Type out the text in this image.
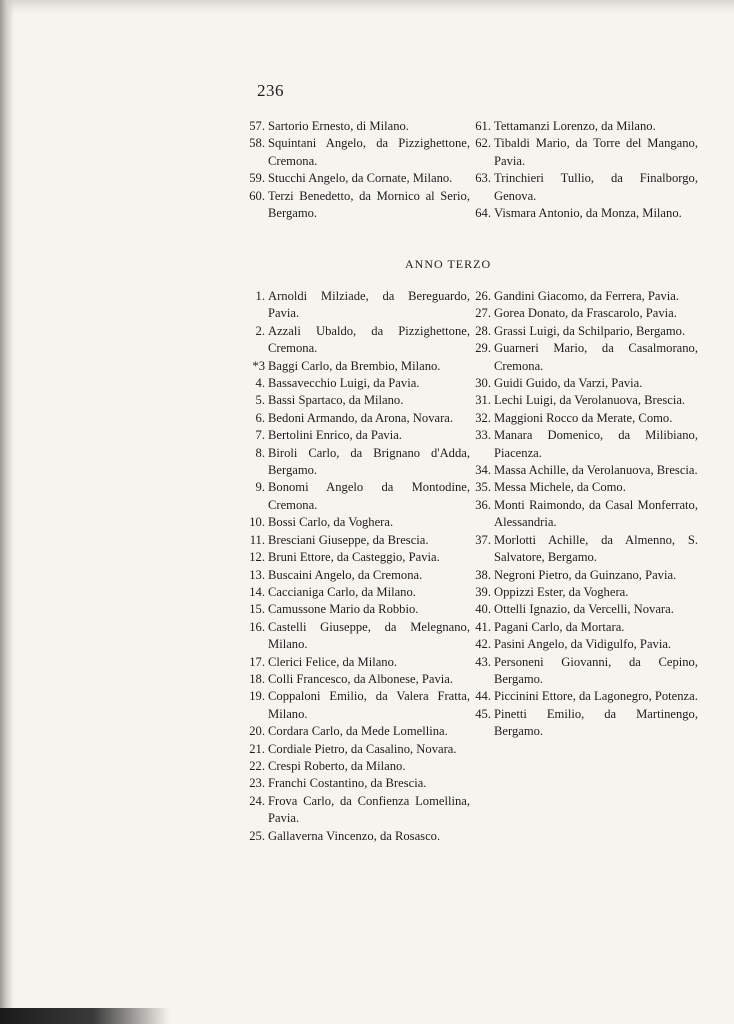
236
57. Sartorio Ernesto, di Milano.
58. Squintani Angelo, da Pizzighettone, Cremona.
59. Stucchi Angelo, da Cornate, Milano.
60. Terzi Benedetto, da Mornico al Serio, Bergamo.
61. Tettamanzi Lorenzo, da Milano.
62. Tibaldi Mario, da Torre del Mangano, Pavia.
63. Trinchieri Tullio, da Finalborgo, Genova.
64. Vismara Antonio, da Monza, Milano.
ANNO TERZO
1. Arnoldi Milziade, da Bereguardo, Pavia.
2. Azzali Ubaldo, da Pizzighettone, Cremona.
*3 Baggi Carlo, da Brembio, Milano.
4. Bassavecchio Luigi, da Pavia.
5. Bassi Spartaco, da Milano.
6. Bedoni Armando, da Arona, Novara.
7. Bertolini Enrico, da Pavia.
8. Biroli Carlo, da Brignano d'Adda, Bergamo.
9. Bonomi Angelo da Montodine, Cremona.
10. Bossi Carlo, da Voghera.
11. Bresciani Giuseppe, da Brescia.
12. Bruni Ettore, da Casteggio, Pavia.
13. Buscaini Angelo, da Cremona.
14. Caccianiga Carlo, da Milano.
15. Camussone Mario da Robbio.
16. Castelli Giuseppe, da Melegnano, Milano.
17. Clerici Felice, da Milano.
18. Colli Francesco, da Albonese, Pavia.
19. Coppaloni Emilio, da Valera Fratta, Milano.
20. Cordara Carlo, da Mede Lomellina.
21. Cordiale Pietro, da Casalino, Novara.
22. Crespi Roberto, da Milano.
23. Franchi Costantino, da Brescia.
24. Frova Carlo, da Confienza Lomellina, Pavia.
25. Gallaverna Vincenzo, da Rosasco.
26. Gandini Giacomo, da Ferrera, Pavia.
27. Gorea Donato, da Frascarolo, Pavia.
28. Grassi Luigi, da Schilpario, Bergamo.
29. Guarneri Mario, da Casalmorano, Cremona.
30. Guidi Guido, da Varzi, Pavia.
31. Lechi Luigi, da Verolanuova, Brescia.
32. Maggioni Rocco da Merate, Como.
33. Manara Domenico, da Milibiano, Piacenza.
34. Massa Achille, da Verolanuova, Brescia.
35. Messa Michele, da Como.
36. Monti Raimondo, da Casal Monferrato, Alessandria.
37. Morlotti Achille, da Almenno, S. Salvatore, Bergamo.
38. Negroni Pietro, da Guinzano, Pavia.
39. Oppizzi Ester, da Voghera.
40. Ottelli Ignazio, da Vercelli, Novara.
41. Pagani Carlo, da Mortara.
42. Pasini Angelo, da Vidigulfo, Pavia.
43. Personeni Giovanni, da Cepino, Bergamo.
44. Piccinini Ettore, da Lagonegro, Potenza.
45. Pinetti Emilio, da Martinengo, Bergamo.
